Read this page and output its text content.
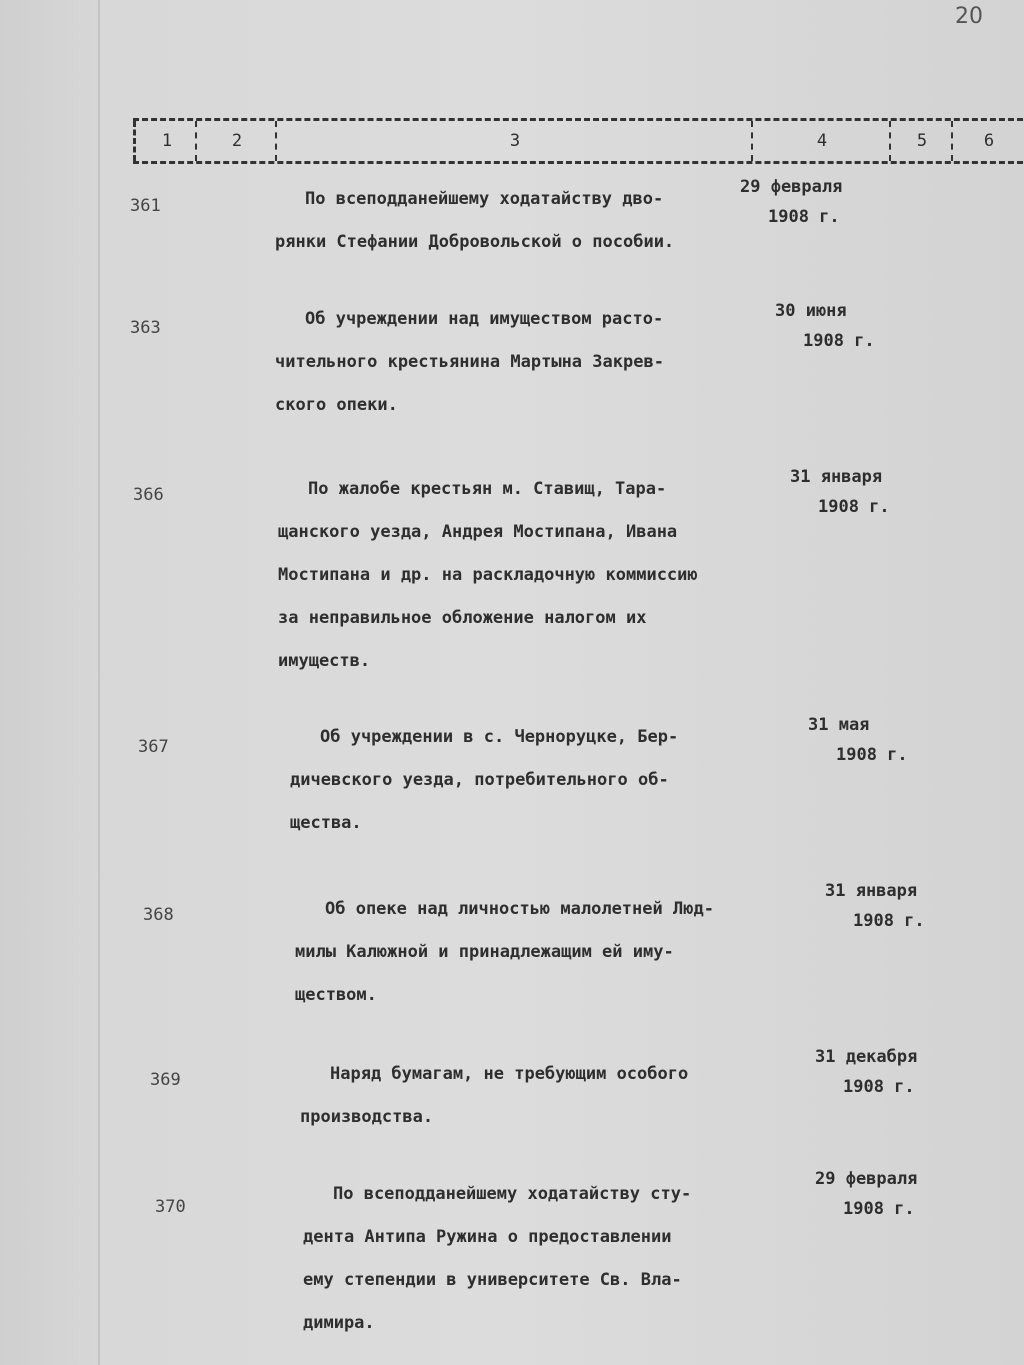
20
1	2	3	4	5	6
361	По всеподданейшему ходатайству дво-
рянки Стефании Добровольской о пособии.
29 февраля
1908 г.
363	Об учреждении над имуществом расто-
чительного крестьянина Мартына Закрев-
ского опеки.
30 июня
1908 г.
366	По жалобе крестьян м. Ставищ, Тара-
щанского уезда, Андрея Мостипана, Ивана
Мостипана и др. на раскладочную коммиссию
за неправильное обложение налогом их
имуществ.
31 января
1908 г.
367	Об учреждении в с. Черноруцке, Бер-
дичевского уезда, потребительного об-
щества.
31 мая
1908 г.
368	Об опеке над личностью малолетней Люд-
милы Калюжной и принадлежащим ей иму-
ществом.
31 января
1908 г.
369	Наряд бумагам, не требующим особого
производства.
31 декабря
1908 г.
370
По всеподданейшему ходатайству сту-
дента Антипа Ружина о предоставлении
ему степендии в университете Св. Вла-
димира.
29 февраля
1908 г.
